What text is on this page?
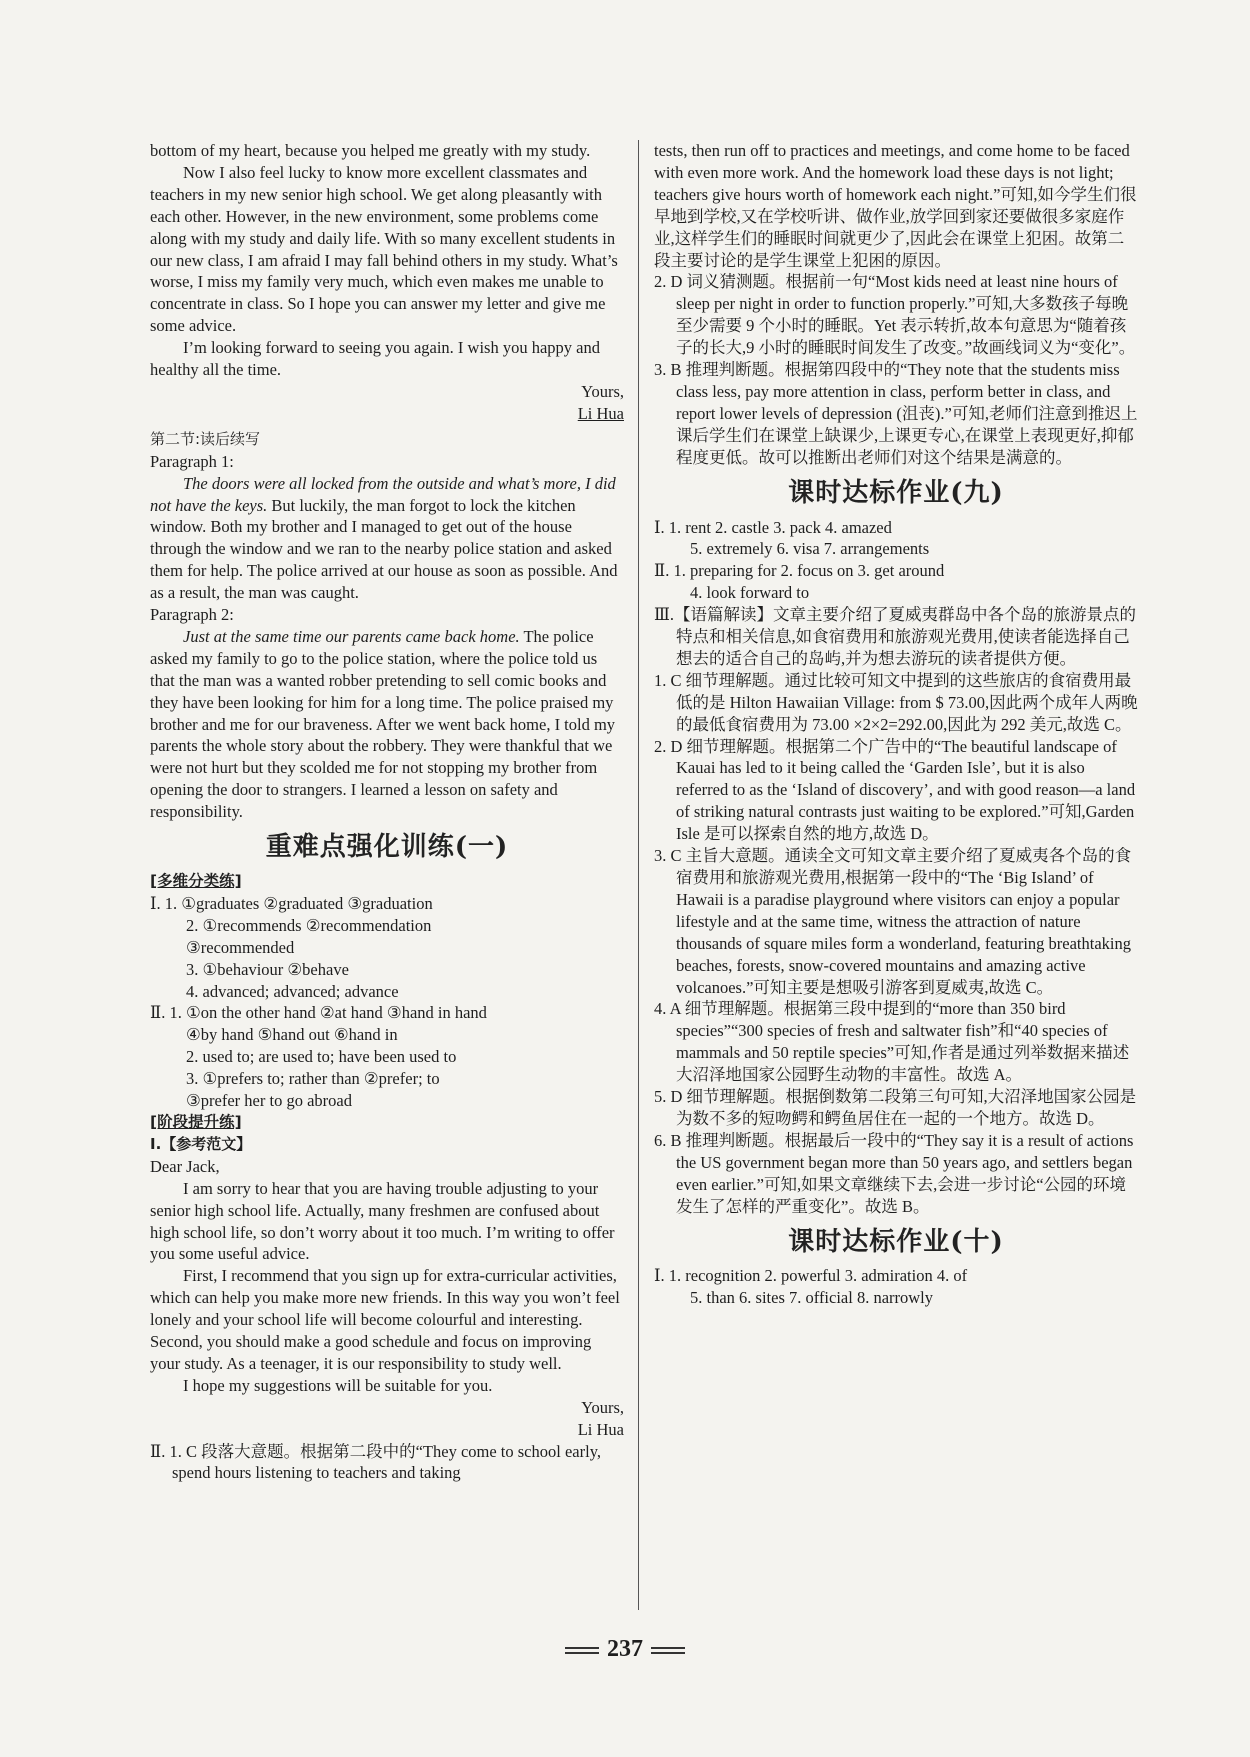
bottom of my heart, because you helped me greatly with my study.

Now I also feel lucky to know more excellent classmates and teachers in my new senior high school. We get along pleasantly with each other. However, in the new environment, some problems come along with my study and daily life. With so many excellent students in our new class, I am afraid I may fall behind others in my study. What’s worse, I miss my family very much, which even makes me unable to concentrate in class. So I hope you can answer my letter and give me some advice.

I’m looking forward to seeing you again. I wish you happy and healthy all the time.

Yours,

Li Hua

第二节:读后续写

Paragraph 1:

The doors were all locked from the outside and what’s more, I did not have the keys. But luckily, the man forgot to lock the kitchen window. Both my brother and I managed to get out of the house through the window and we ran to the nearby police station and asked them for help. The police arrived at our house as soon as possible. And as a result, the man was caught.

Paragraph 2:

Just at the same time our parents came back home. The police asked my family to go to the police station, where the police told us that the man was a wanted robber pretending to sell comic books and they have been looking for him for a long time. The police praised my brother and me for our braveness. After we went back home, I told my parents the whole story about the robbery. They were thankful that we were not hurt but they scolded me for not stopping my brother from opening the door to strangers. I learned a lesson on safety and responsibility.

重难点强化训练(一)

[多维分类练]

Ⅰ. 1. ①graduates ②graduated ③graduation

2. ①recommends ②recommendation

③recommended

3. ①behaviour ②behave

4. advanced; advanced; advance

Ⅱ. 1. ①on the other hand ②at hand ③hand in hand

④by hand ⑤hand out ⑥hand in

2. used to; are used to; have been used to

3. ①prefers to; rather than ②prefer; to

③prefer her to go abroad

[阶段提升练]

Ⅰ.【参考范文】

Dear Jack,

I am sorry to hear that you are having trouble adjusting to your senior high school life. Actually, many freshmen are confused about high school life, so don’t worry about it too much. I’m writing to offer you some useful advice.

First, I recommend that you sign up for extra-curricular activities, which can help you make more new friends. In this way you won’t feel lonely and your school life will become colourful and interesting. Second, you should make a good schedule and focus on improving your study. As a teenager, it is our responsibility to study well.

I hope my suggestions will be suitable for you.

Yours,

Li Hua

Ⅱ. 1. C 段落大意题。根据第二段中的“They come to school early, spend hours listening to teachers and taking

tests, then run off to practices and meetings, and come home to be faced with even more work. And the homework load these days is not light; teachers give hours worth of homework each night.”可知,如今学生们很早地到学校,又在学校听讲、做作业,放学回到家还要做很多家庭作业,这样学生们的睡眠时间就更少了,因此会在课堂上犯困。故第二段主要讨论的是学生课堂上犯困的原因。

2. D 词义猜测题。根据前一句“Most kids need at least nine hours of sleep per night in order to function properly.”可知,大多数孩子每晚至少需要 9 个小时的睡眠。Yet 表示转折,故本句意思为“随着孩子的长大,9 小时的睡眠时间发生了改变。”故画线词义为“变化”。

3. B 推理判断题。根据第四段中的“They note that the students miss class less, pay more attention in class, perform better in class, and report lower levels of depression (沮丧).”可知,老师们注意到推迟上课后学生们在课堂上缺课少,上课更专心,在课堂上表现更好,抑郁程度更低。故可以推断出老师们对这个结果是满意的。

课时达标作业(九)

Ⅰ. 1. rent 2. castle 3. pack 4. amazed

5. extremely 6. visa 7. arrangements

Ⅱ. 1. preparing for 2. focus on 3. get around

4. look forward to

Ⅲ.【语篇解读】文章主要介绍了夏威夷群岛中各个岛的旅游景点的特点和相关信息,如食宿费用和旅游观光费用,使读者能选择自己想去的适合自己的岛屿,并为想去游玩的读者提供方便。

1. C 细节理解题。通过比较可知文中提到的这些旅店的食宿费用最低的是 Hilton Hawaiian Village: from $ 73.00,因此两个成年人两晚的最低食宿费用为 73.00 ×2×2=292.00,因此为 292 美元,故选 C。

2. D 细节理解题。根据第二个广告中的“The beautiful landscape of Kauai has led to it being called the ‘Garden Isle’, but it is also referred to as the ‘Island of discovery’, and with good reason—a land of striking natural contrasts just waiting to be explored.”可知,Garden Isle 是可以探索自然的地方,故选 D。

3. C 主旨大意题。通读全文可知文章主要介绍了夏威夷各个岛的食宿费用和旅游观光费用,根据第一段中的“The ‘Big Island’ of Hawaii is a paradise playground where visitors can enjoy a popular lifestyle and at the same time, witness the attraction of nature thousands of square miles form a wonderland, featuring breathtaking beaches, forests, snow-covered mountains and amazing active volcanoes.”可知主要是想吸引游客到夏威夷,故选 C。

4. A 细节理解题。根据第三段中提到的“more than 350 bird species”“300 species of fresh and saltwater fish”和“40 species of mammals and 50 reptile species”可知,作者是通过列举数据来描述大沼泽地国家公园野生动物的丰富性。故选 A。

5. D 细节理解题。根据倒数第二段第三句可知,大沼泽地国家公园是为数不多的短吻鳄和鳄鱼居住在一起的一个地方。故选 D。

6. B 推理判断题。根据最后一段中的“They say it is a result of actions the US government began more than 50 years ago, and settlers began even earlier.”可知,如果文章继续下去,会进一步讨论“公园的环境发生了怎样的严重变化”。故选 B。

课时达标作业(十)

Ⅰ. 1. recognition 2. powerful 3. admiration 4. of

5. than 6. sites 7. official 8. narrowly

237
